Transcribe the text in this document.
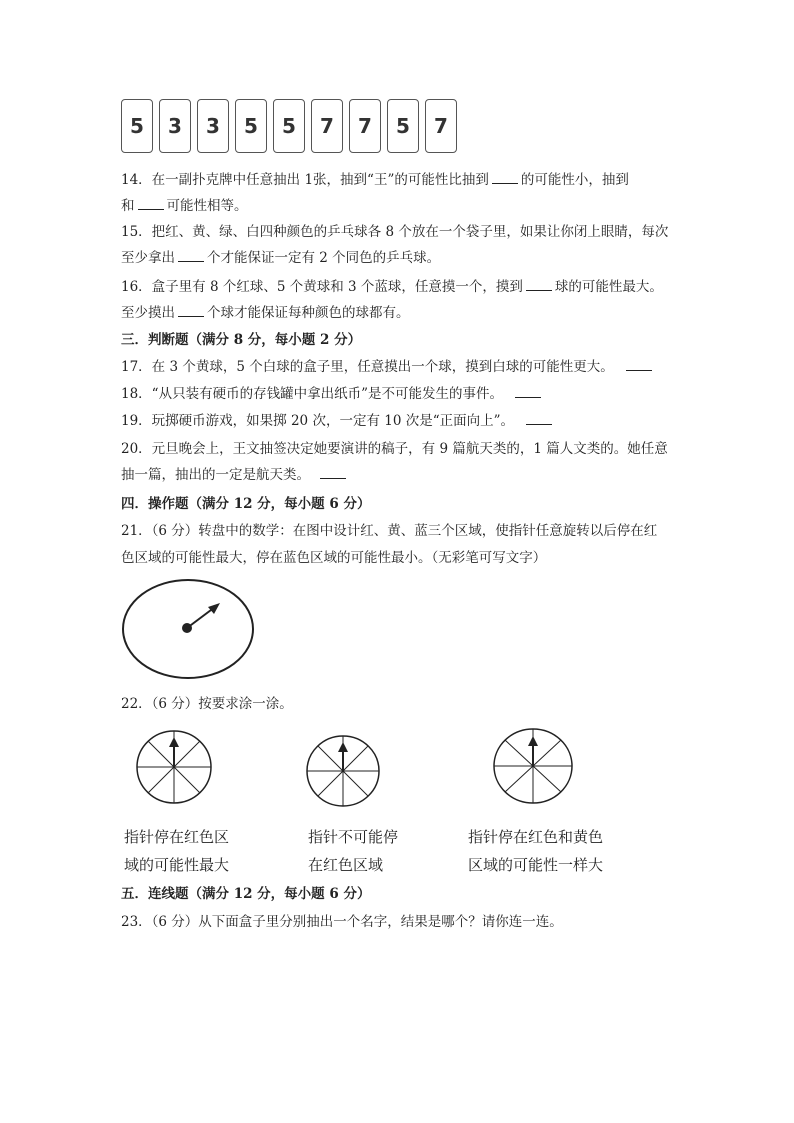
5	3	3	5	5	7	7	5	7
14．在一副扑克牌中任意抽出 1张，抽到“王”的可能性比抽到 的可能性小，抽到
和 可能性相等。
15．把红、黄、绿、白四种颜色的乒乓球各 8 个放在一个袋子里，如果让你闭上眼睛，每次
至少拿出 个才能保证一定有 2 个同色的乒乓球。
16．盒子里有 8 个红球、5 个黄球和 3 个蓝球，任意摸一个，摸到 球的可能性最大。
至少摸出 个球才能保证每种颜色的球都有。
三．判断题（满分 8 分，每小题 2 分）
17．在 3 个黄球，5 个白球的盒子里，任意摸出一个球，摸到白球的可能性更大。
18．“从只装有硬币的存钱罐中拿出纸币”是不可能发生的事件。
19．玩掷硬币游戏，如果掷 20 次，一定有 10 次是“正面向上”。
20．元旦晚会上，王文抽签决定她要演讲的稿子，有 9 篇航天类的，1 篇人文类的。她任意
抽一篇，抽出的一定是航天类。
四．操作题（满分 12 分，每小题 6 分）
21．（6 分）转盘中的数学：在图中设计红、黄、蓝三个区域，使指针任意旋转以后停在红
色区域的可能性最大，停在蓝色区域的可能性最小。（无彩笔可写文字）
22．（6 分）按要求涂一涂。
指针停在红色区
域的可能性最大
指针不可能停
在红色区域
指针停在红色和黄色
区域的可能性一样大
五．连线题（满分 12 分，每小题 6 分）
23．（6 分）从下面盒子里分别抽出一个名字，结果是哪个？请你连一连。
